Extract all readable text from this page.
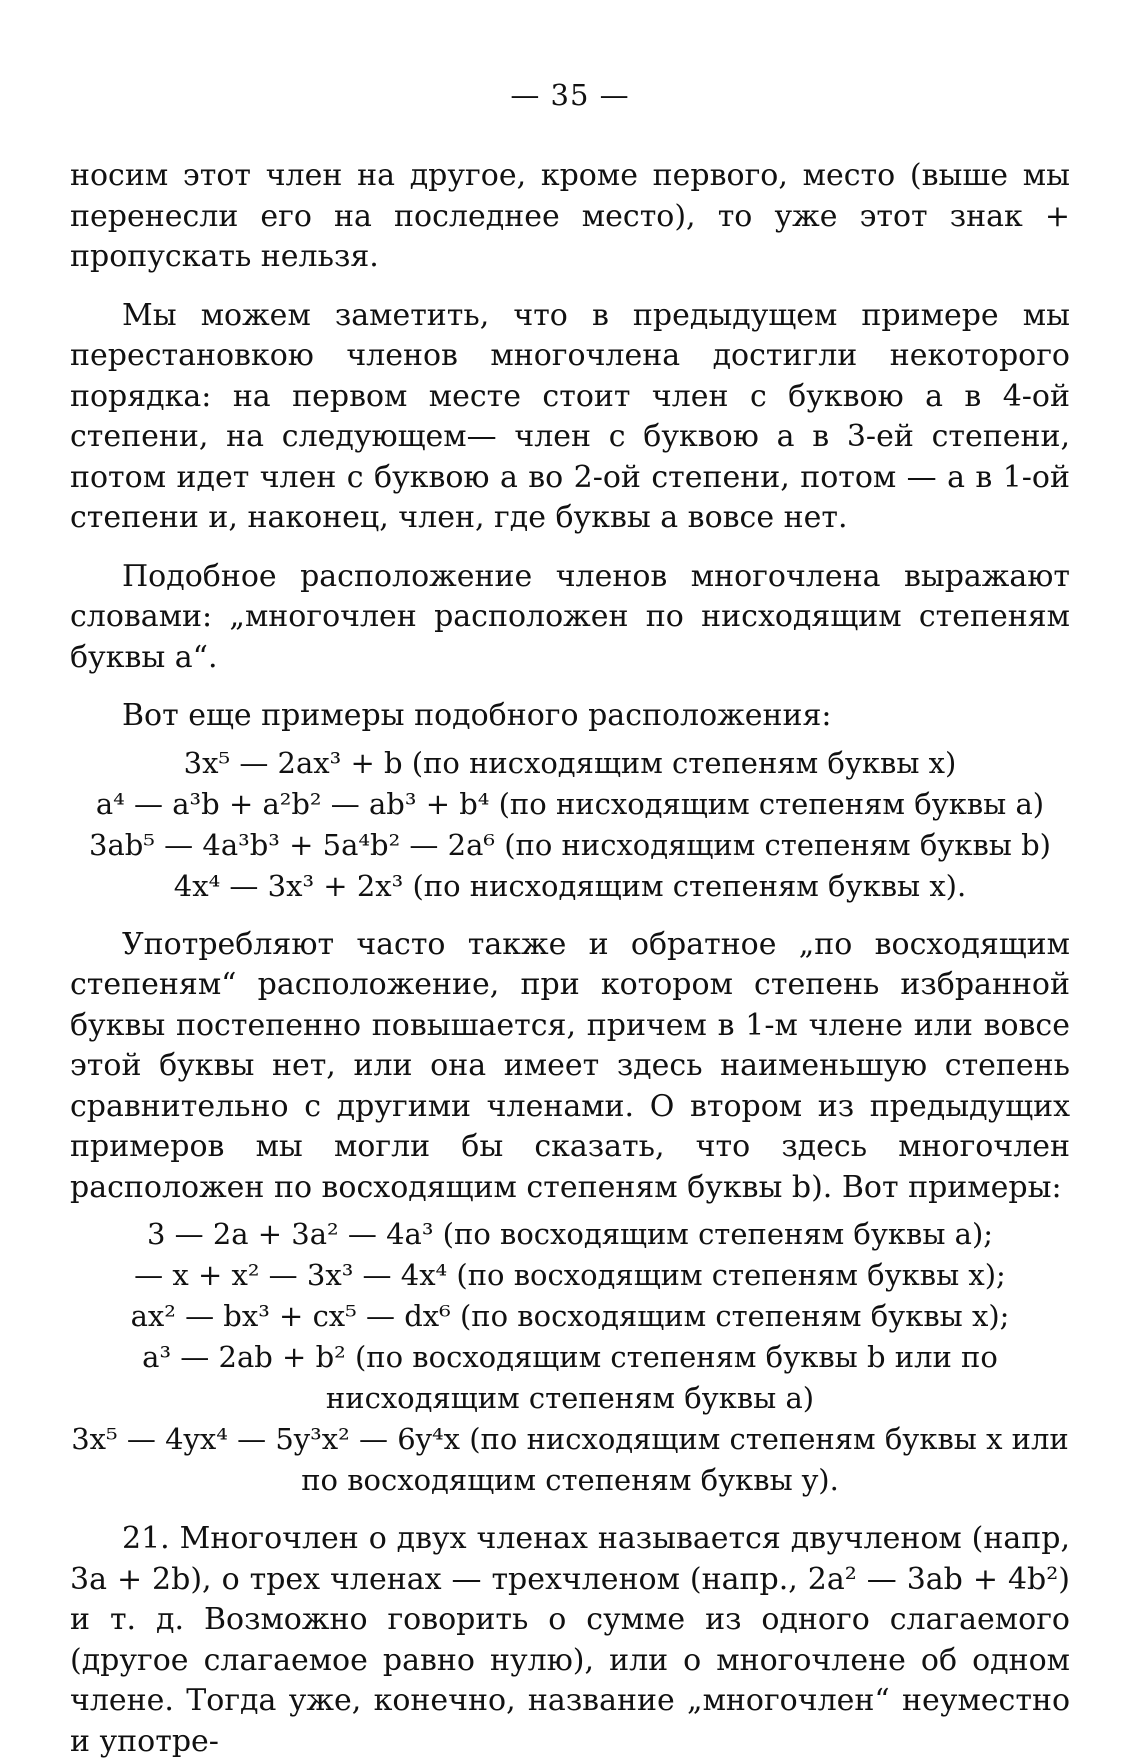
— 35 —

носим этот член на другое, кроме первого, место (выше мы перенесли его на последнее место), то уже этот знак + пропускать нельзя.

Мы можем заметить, что в предыдущем примере мы перестановкою членов многочлена достигли некоторого порядка: на первом месте стоит член с буквою a в 4-ой степени, на следующем— член с буквою a в 3-ей степени, потом идет член с буквою a во 2-ой степени, потом — a в 1-ой степени и, наконец, член, где буквы a вовсе нет.

Подобное расположение членов многочлена выражают словами: „многочлен расположен по нисходящим степеням буквы a“.

Вот еще примеры подобного расположения:

3x⁵ — 2ax³ + b (по нисходящим степеням буквы x)
a⁴ — a³b + a²b² — ab³ + b⁴ (по нисходящим степеням буквы a)
3ab⁵ — 4a³b³ + 5a⁴b² — 2a⁶ (по нисходящим степеням буквы b)
4x⁴ — 3x³ + 2x³ (по нисходящим степеням буквы x).

Употребляют часто также и обратное „по восходящим степеням“ расположение, при котором степень избранной буквы постепенно повышается, причем в 1-м члене или вовсе этой буквы нет, или она имеет здесь наименьшую степень сравнительно с другими членами. О втором из предыдущих примеров мы могли бы сказать, что здесь многочлен расположен по восходящим степеням буквы b). Вот примеры:

3 — 2a + 3a² — 4a³ (по восходящим степеням буквы a);
— x + x² — 3x³ — 4x⁴ (по восходящим степеням буквы x);
ax² — bx³ + cx⁵ — dx⁶ (по восходящим степеням буквы x);
a³ — 2ab + b² (по восходящим степеням буквы b или по нисходящим степеням буквы a)
3x⁵ — 4yx⁴ — 5y³x² — 6y⁴x (по нисходящим степеням буквы x или по восходящим степеням буквы y).

21. Многочлен о двух членах называется двучленом (напр, 3a + 2b), о трех членах — трехчленом (напр., 2a² — 3ab + 4b²) и т. д. Возможно говорить о сумме из одного слагаемого (другое слагаемое равно нулю), или о многочлене об одном члене. Тогда уже, конечно, название „многочлен“ неуместно и употре-
